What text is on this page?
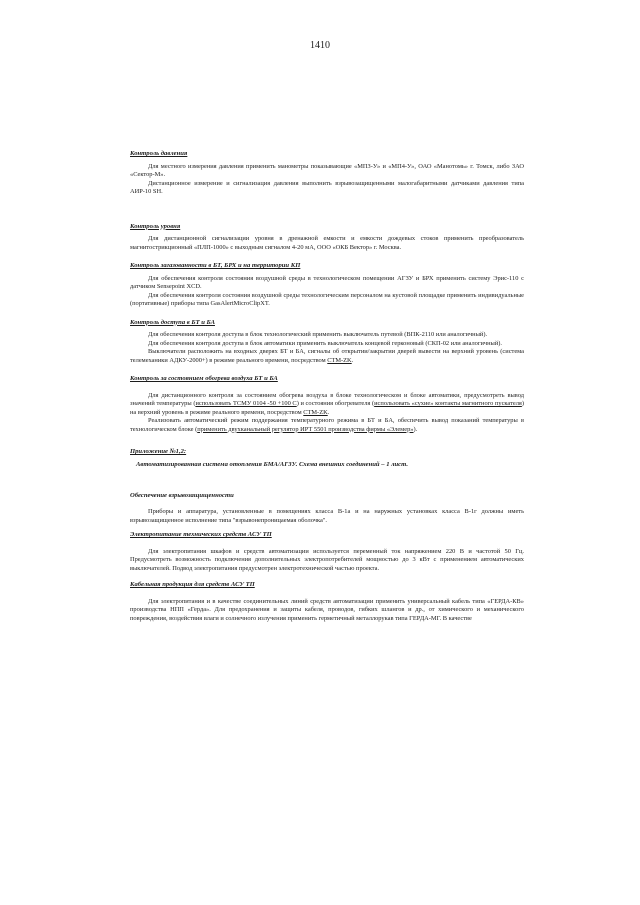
1410
Контроль давления

Для местного измерения давления применить манометры показывающие «МПЗ-У» и «МП4-У», ОАО «Манотомь» г. Томск, либо ЗАО «Сектор-М».

Дистанционное измерение и сигнализация давления выполнить взрывозащищенными малогабаритными датчиками давления типа АИР-10 SH.

Контроль уровня

Для дистанционной сигнализации уровня в дренажной емкости и емкости дождевых стоков применить преобразователь магнитострикционный «ПЛП-1000» с выходным сигналом 4-20 мА, ООО «ОКБ Вектор» г. Москва.

Контроль загазованности в БТ, БРХ и на территории КП

Для обеспечения контроля состояния воздушной среды в технологическом помещении АГЗУ и БРХ применить систему Эрис-110 с датчиком Sensepoint XCD.

Для обеспечения контроля состояния воздушной среды технологическим персоналом на кустовой площадке применить индивидуальные (портативные) приборы типа GasAlertMicroClipXT.

Контроль доступа в БТ и БА

Для обеспечения контроля доступа в блок технологический применить выключатель путевой (ВПК-2110 или аналогичный).

Для обеспечения контроля доступа в блок автоматики применить выключатель концевой герконовый (СКП-02 или аналогичный).

Выключатели расположить на входных дверях БТ и БА, сигналы об открытии/закрытии дверей вывести на верхний уровень (система телемеханики АДКУ-2000+) в режиме реального времени, посредством СТМ-ZK.

Контроль за состоянием обогрева воздуха БТ и БА

Для дистанционного контроля за состоянием обогрева воздуха в блоке технологическом и блоке автоматики, предусмотреть вывод значений температуры (использовать ТСМУ 0104 -50 +100 С) и состояния обогревателя (использовать «сухие» контакты магнитного пускателя) на верхний уровень в режиме реального времени, посредством СТМ-ZK.

Реализовать автоматический режим поддержания температурного режима в БТ и БА, обеспечить вывод показаний температуры в технологическом блоке (применить двухканальный регулятор ИРТ 5501 производства фирмы «Элемер»).

Приложение №1,2:
Автоматизированная система отопления БМА/АГЗУ. Схема внешних соединений – 1 лист.
Обеспечение взрывозащищенности

Приборы и аппаратура, установленные в помещениях класса В-1а и на наружных установках класса В-1г должны иметь взрывозащищенное исполнение типа "взрывонепроницаемая оболочка".

Электропитание технических средств АСУ ТП

Для электропитания шкафов и средств автоматизации используется переменный ток напряжением 220 В и частотой 50 Гц. Предусмотреть возможность подключения дополнительных электропотребителей мощностью до 3 кВт с применением автоматических выключателей. Подвод электропитания предусмотрен электротехнической частью проекта.

Кабельная продукция для средств АСУ ТП

Для электропитания и в качестве соединительных линий средств автоматизации применить универсальный кабель типа «ГЕРДА-КВ» производства НПП «Герда». Для предохранения и защиты кабеля, проводов, гибких шлангов и др., от химического и механического повреждения, воздействия влаги и солнечного излучения применить герметичный металлорукав типа ГЕРДА-МГ. В качестве
